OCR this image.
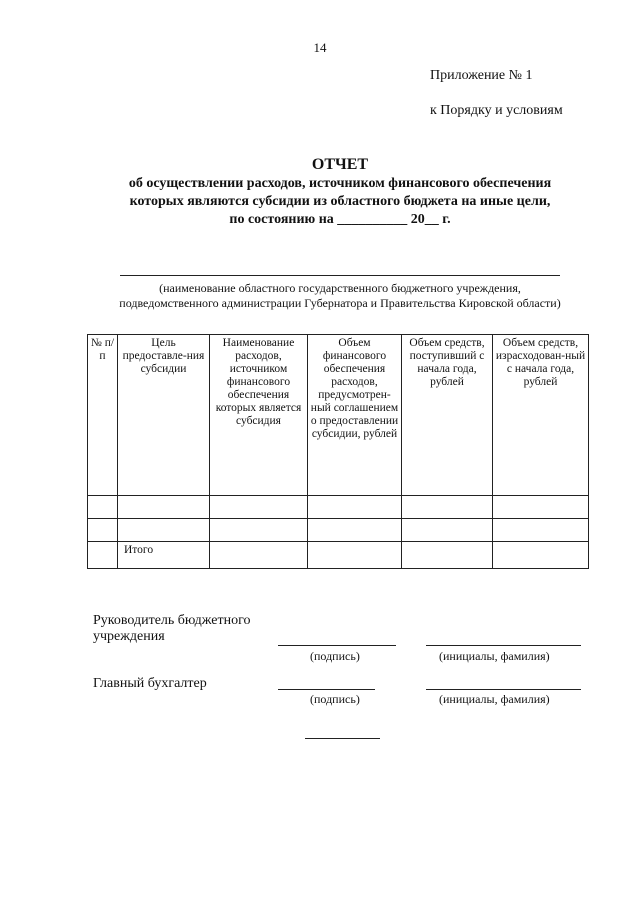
14
Приложение № 1
к Порядку и условиям
ОТЧЕТ
об осуществлении расходов, источником финансового обеспечения
которых являются субсидии из областного бюджета на иные цели,
по состоянию на __________ 20__ г.
(наименование областного государственного бюджетного учреждения,
подведомственного администрации Губернатора и Правительства Кировской области)
№ п/п	Цель предоставле-ния субсидии	Наименование расходов, источником финансового обеспечения которых является субсидия	Объем финансового обеспечения расходов, предусмотрен-ный соглашением о предоставлении субсидии, рублей	Объем средств, поступивший с начала года, рублей	Объем средств, израсходован-ный с начала года, рублей

	Итого				
Руководитель бюджетного учреждения
(подпись)	(инициалы, фамилия)
Главный бухгалтер
(подпись)	(инициалы, фамилия)
